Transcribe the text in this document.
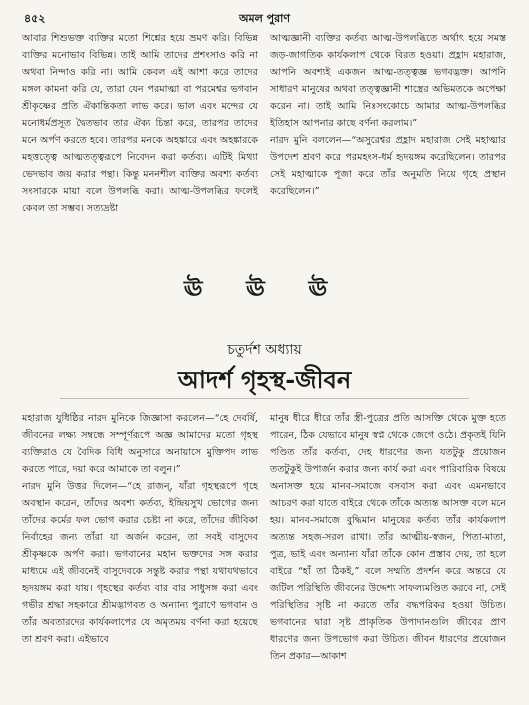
৪৫২	অমল পুরাণ

আবার শিশুভক্ত ব্যক্তির মতো শিশ্নের হয়ে ভ্রমণ করি। বিভিন্ন ব্যক্তির মনোভাব বিভিন্ন। তাই আমি তাদের প্রশংসাও করি না অথবা নিন্দাও করি না। আমি কেবল এই আশা করে তাদের মঙ্গল কামনা করি যে, তারা যেন পরমাত্মা বা পরমেশ্বর ভগবান শ্রীকৃষ্ণের প্রতি ঐকান্তিকতা লাভ করে। ভাল এবং মন্দের যে মনোধর্মপ্রসূত দ্বৈতভাব তার ঐক্য চিন্তা করে, তারপর তাদের মনে অর্পণ করতে হবে। তারপর মনকে অহঙ্কারে এবং অহঙ্কারকে মহত্তত্ত্বে আত্মতত্ত্বরূপে নিবেদন করা কর্তব্য। এটিই মিথ্যা ভেদভাব জয় করার পন্থা। কিন্তু মননশীল ব্যক্তির অবশ্য কর্তব্য সংসারকে মায়া বলে উপলব্ধি করা। আত্ম-উপলব্ধির ফলেই কেবল তা সম্ভব। সত্যদ্রষ্টা

আত্মজ্ঞানী ব্যক্তির কর্তব্য আত্ম-উপলব্ধিতে অর্থাৎ হয়ে সমস্ত জড়-জাগতিক কার্যকলাপ থেকে বিরত হওয়া। প্রহ্লাদ মহারাজ, আপনি অবশ্যই একজন আত্ম-তত্ত্বজ্ঞ ভগবদ্ভক্ত। আপনি সাধারণ মানুষের অথবা তত্ত্বজ্ঞানী শাস্ত্রের অভিমতকে অপেক্ষা করেন না। তাই আমি নিঃসংকোচে আমার আত্ম-উপলব্ধির ইতিহাস আপনার কাছে বর্ণনা করলাম।”

নারদ মুনি বললেন—“অসুরেশ্বর প্রহ্লাদ মহারাজ সেই মহাত্মার উপদেশ শ্রবণ করে পরমহংস-ধর্ম হৃদয়ঙ্গম করেছিলেন। তারপর সেই মহাত্মাকে পূজা করে তাঁর অনুমতি নিয়ে গৃহে প্রস্থান করেছিলেন।”

ঊ ঊ ঊ
চতুর্দশ অধ্যায়
আদর্শ গৃহস্থ-জীবন

মহারাজ যুধিষ্ঠির নারদ মুনিকে জিজ্ঞাসা করলেন—“হে দেবর্ষি, জীবনের লক্ষ্য সম্বন্ধে সম্পূর্ণরূপে অজ্ঞ আমাদের মতো গৃহস্থ ব্যক্তিরাও যে বৈদিক বিধি অনুসারে অনায়াসে মুক্তিপদ লাভ করতে পারে, দয়া করে আমাকে তা বলুন।”

নারদ মুনি উত্তর দিলেন—“হে রাজন্, যাঁরা গৃহস্থরূপে গৃহে অবস্থান করেন, তাঁদের অবশ্য কর্তব্য, ইন্দ্রিয়সুখ ভোগের জন্য তাঁদের কর্মের ফল ভোগ করার চেষ্টা না করে, তাঁদের জীবিকা নির্বাহের জন্য তাঁরা যা অর্জন করেন, তা সবই বাসুদেব শ্রীকৃষ্ণকে অর্পণ করা। ভগবানের মহান ভক্তদের সঙ্গ করার মাধ্যমে এই জীবনেই বাসুদেবকে সন্তুষ্ট করার পন্থা যথাযথভাবে হৃদয়ঙ্গম করা যায়। গৃহস্থের কর্তব্য বার বার সাধুসঙ্গ করা এবং গভীর শ্রদ্ধা সহকারে শ্রীমদ্ভাগবত ও অন্যান্য পুরাণে ভগবান ও তাঁর অবতারদের কার্যকলাপের যে অমৃতময় বর্ণনা করা হয়েছে তা শ্রবণ করা। এইভাবে

মানুষ ধীরে ধীরে তাঁর স্ত্রী-পুত্রের প্রতি আসক্তি থেকে মুক্ত হতে পারেন, ঠিক যেভাবে মানুষ স্বপ্ন থেকে জেগে ওঠে। প্রকৃতই যিনি পণ্ডিত তাঁর কর্তব্য, দেহ ধারণের জন্য যতটুকু প্রয়োজন ততটুকুই উপার্জন করার জন্য কার্য করা এবং পারিবারিক বিষয়ে অনাসক্ত হয়ে মানব-সমাজে বসবাস করা এবং এমনভাবে আচরণ করা যাতে বাইরে থেকে তাঁকে অত্যন্ত আসক্ত বলে মনে হয়। মানব-সমাজে বুদ্ধিমান মানুষের কর্তব্য তাঁর কার্যকলাপ অত্যন্ত সহজ-সরল রাখা। তাঁর আত্মীয়-স্বজন, পিতা-মাতা, পুত্র, ভাই এবং অন্যান্য যাঁরা তাঁকে কোন প্রস্তাব দেয়, তা হলে বাইরে “হাঁ তা ঠিকই,” বলে সম্মতি প্রদর্শন করে অন্তরে যে জটিল পরিস্থিতি জীবনের উদ্দেশ্য সাফল্যমণ্ডিত করবে না, সেই পরিস্থিতির সৃষ্টি না করতে তাঁর বদ্ধপরিকর হওয়া উচিত। ভগবানের দ্বারা সৃষ্ট প্রাকৃতিক উপাদানগুলি জীবের প্রাণ ধারণের জন্য উপভোগ করা উচিত। জীবন ধারণের প্রয়োজন তিন প্রকার—আকাশ
